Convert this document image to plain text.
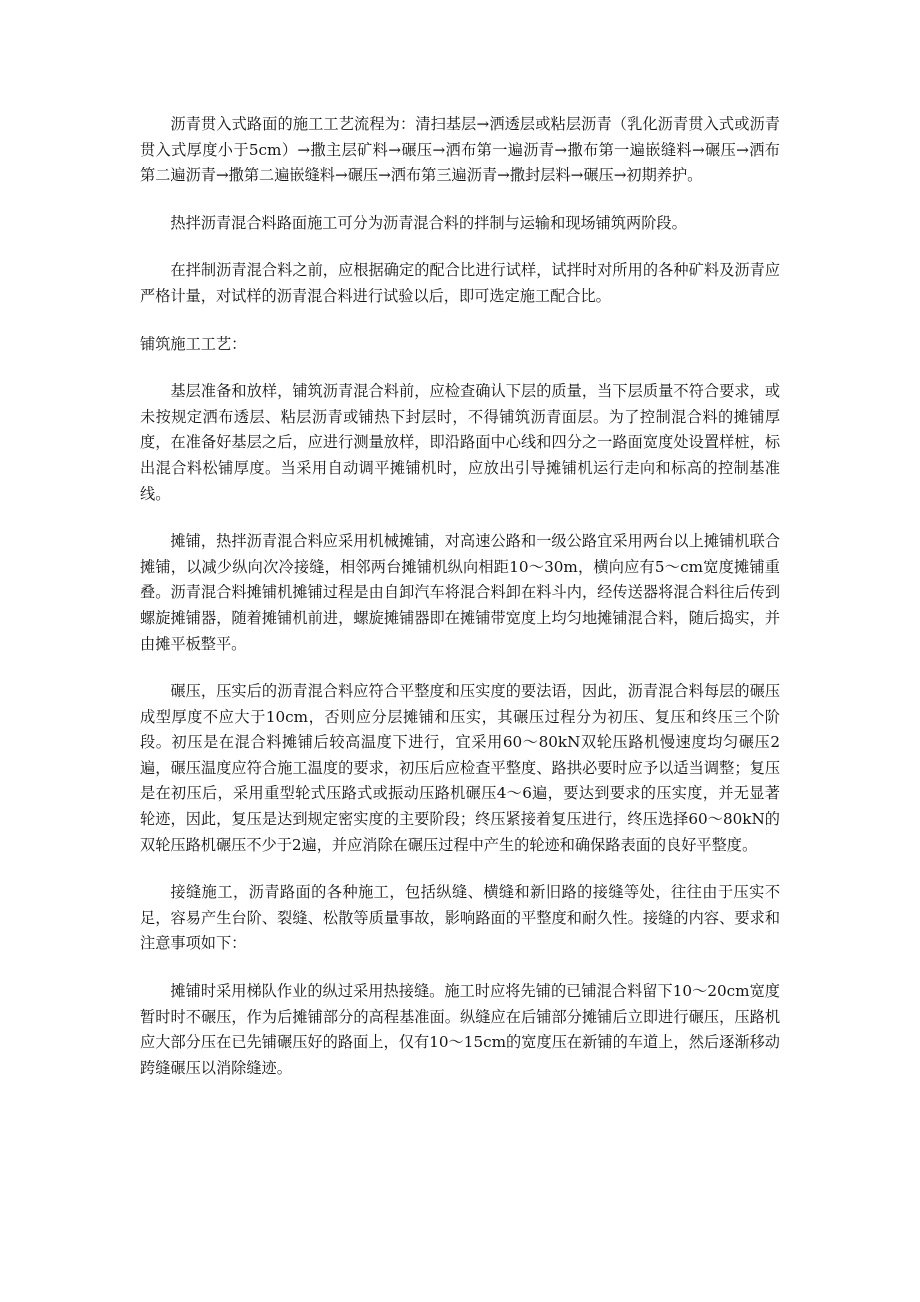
沥青贯入式路面的施工工艺流程为：清扫基层→洒透层或粘层沥青（乳化沥青贯入式或沥青贯入式厚度小于5cm）→撒主层矿料→碾压→洒布第一遍沥青→撒布第一遍嵌缝料→碾压→洒布第二遍沥青→撒第二遍嵌缝料→碾压→洒布第三遍沥青→撒封层料→碾压→初期养护。

热拌沥青混合料路面施工可分为沥青混合料的拌制与运输和现场铺筑两阶段。

在拌制沥青混合料之前，应根据确定的配合比进行试样，试拌时对所用的各种矿料及沥青应严格计量，对试样的沥青混合料进行试验以后，即可选定施工配合比。

铺筑施工工艺：

基层准备和放样，铺筑沥青混合料前，应检查确认下层的质量，当下层质量不符合要求，或未按规定洒布透层、粘层沥青或铺热下封层时，不得铺筑沥青面层。为了控制混合料的摊铺厚度，在准备好基层之后，应进行测量放样，即沿路面中心线和四分之一路面宽度处设置样桩，标出混合料松铺厚度。当采用自动调平摊铺机时，应放出引导摊铺机运行走向和标高的控制基准线。

摊铺，热拌沥青混合料应采用机械摊铺，对高速公路和一级公路宜采用两台以上摊铺机联合摊铺，以减少纵向次冷接缝，相邻两台摊铺机纵向相距10～30m，横向应有5～cm宽度摊铺重叠。沥青混合料摊铺机摊铺过程是由自卸汽车将混合料卸在料斗内，经传送器将混合料往后传到螺旋摊铺器，随着摊铺机前进，螺旋摊铺器即在摊铺带宽度上均匀地摊铺混合料，随后捣实，并由摊平板整平。

碾压，压实后的沥青混合料应符合平整度和压实度的要法语，因此，沥青混合料每层的碾压成型厚度不应大于10cm，否则应分层摊铺和压实，其碾压过程分为初压、复压和终压三个阶段。初压是在混合料摊铺后较高温度下进行，宜采用60～80kN双轮压路机慢速度均匀碾压2遍，碾压温度应符合施工温度的要求，初压后应检查平整度、路拱必要时应予以适当调整；复压是在初压后，采用重型轮式压路式或振动压路机碾压4～6遍，要达到要求的压实度，并无显著轮迹，因此，复压是达到规定密实度的主要阶段；终压紧接着复压进行，终压选择60～80kN的双轮压路机碾压不少于2遍，并应消除在碾压过程中产生的轮迹和确保路表面的良好平整度。

接缝施工，沥青路面的各种施工，包括纵缝、横缝和新旧路的接缝等处，往往由于压实不足，容易产生台阶、裂缝、松散等质量事故，影响路面的平整度和耐久性。接缝的内容、要求和注意事项如下：

摊铺时采用梯队作业的纵过采用热接缝。施工时应将先铺的已铺混合料留下10～20cm宽度暂时时不碾压，作为后摊铺部分的高程基准面。纵缝应在后铺部分摊铺后立即进行碾压，压路机应大部分压在已先铺碾压好的路面上，仅有10～15cm的宽度压在新铺的车道上，然后逐渐移动跨缝碾压以消除缝迹。
